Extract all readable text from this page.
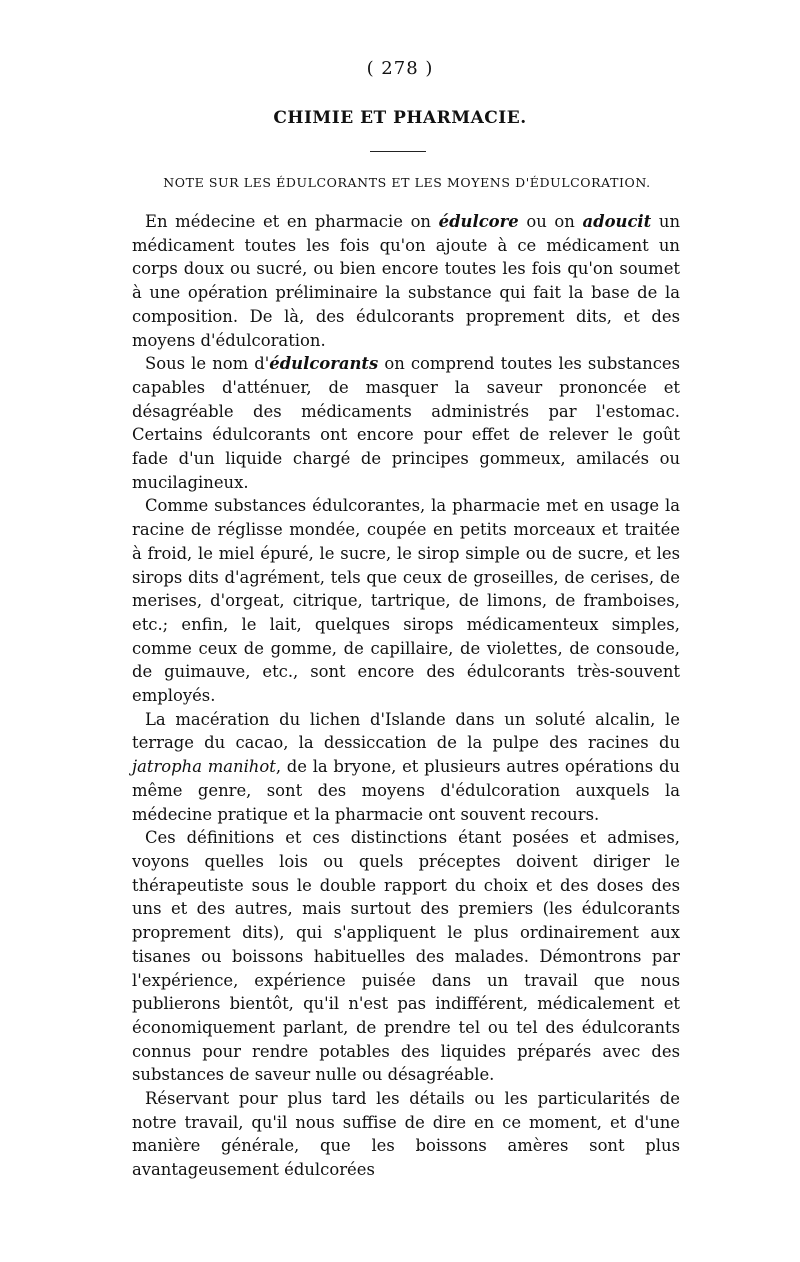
( 278 )
CHIMIE ET PHARMACIE.
NOTE SUR LES ÉDULCORANTS ET LES MOYENS D'ÉDULCORATION.

En médecine et en pharmacie on édulcore ou on adoucit un médicament toutes les fois qu'on ajoute à ce médicament un corps doux ou sucré, ou bien encore toutes les fois qu'on soumet à une opération préliminaire la substance qui fait la base de la composition. De là, des édulcorants proprement dits, et des moyens d'édulcoration.

Sous le nom d'édulcorants on comprend toutes les substances capables d'atténuer, de masquer la saveur prononcée et désagréable des médicaments administrés par l'estomac. Certains édulcorants ont encore pour effet de relever le goût fade d'un liquide chargé de principes gommeux, amilacés ou mucilagineux.

Comme substances édulcorantes, la pharmacie met en usage la racine de réglisse mondée, coupée en petits morceaux et traitée à froid, le miel épuré, le sucre, le sirop simple ou de sucre, et les sirops dits d'agrément, tels que ceux de groseilles, de cerises, de merises, d'orgeat, citrique, tartrique, de limons, de framboises, etc.; enfin, le lait, quelques sirops médicamenteux simples, comme ceux de gomme, de capillaire, de violettes, de consoude, de guimauve, etc., sont encore des édulcorants très-souvent employés.

La macération du lichen d'Islande dans un soluté alcalin, le terrage du cacao, la dessiccation de la pulpe des racines du jatropha manihot, de la bryone, et plusieurs autres opérations du même genre, sont des moyens d'édulcoration auxquels la médecine pratique et la pharmacie ont souvent recours.

Ces définitions et ces distinctions étant posées et admises, voyons quelles lois ou quels préceptes doivent diriger le thérapeutiste sous le double rapport du choix et des doses des uns et des autres, mais surtout des premiers (les édulcorants proprement dits), qui s'appliquent le plus ordinairement aux tisanes ou boissons habituelles des malades. Démontrons par l'expérience, expérience puisée dans un travail que nous publierons bientôt, qu'il n'est pas indifférent, médicalement et économiquement parlant, de prendre tel ou tel des édulcorants connus pour rendre potables des liquides préparés avec des substances de saveur nulle ou désagréable.

Réservant pour plus tard les détails ou les particularités de notre travail, qu'il nous suffise de dire en ce moment, et d'une manière générale, que les boissons amères sont plus avantageusement édulcorées
